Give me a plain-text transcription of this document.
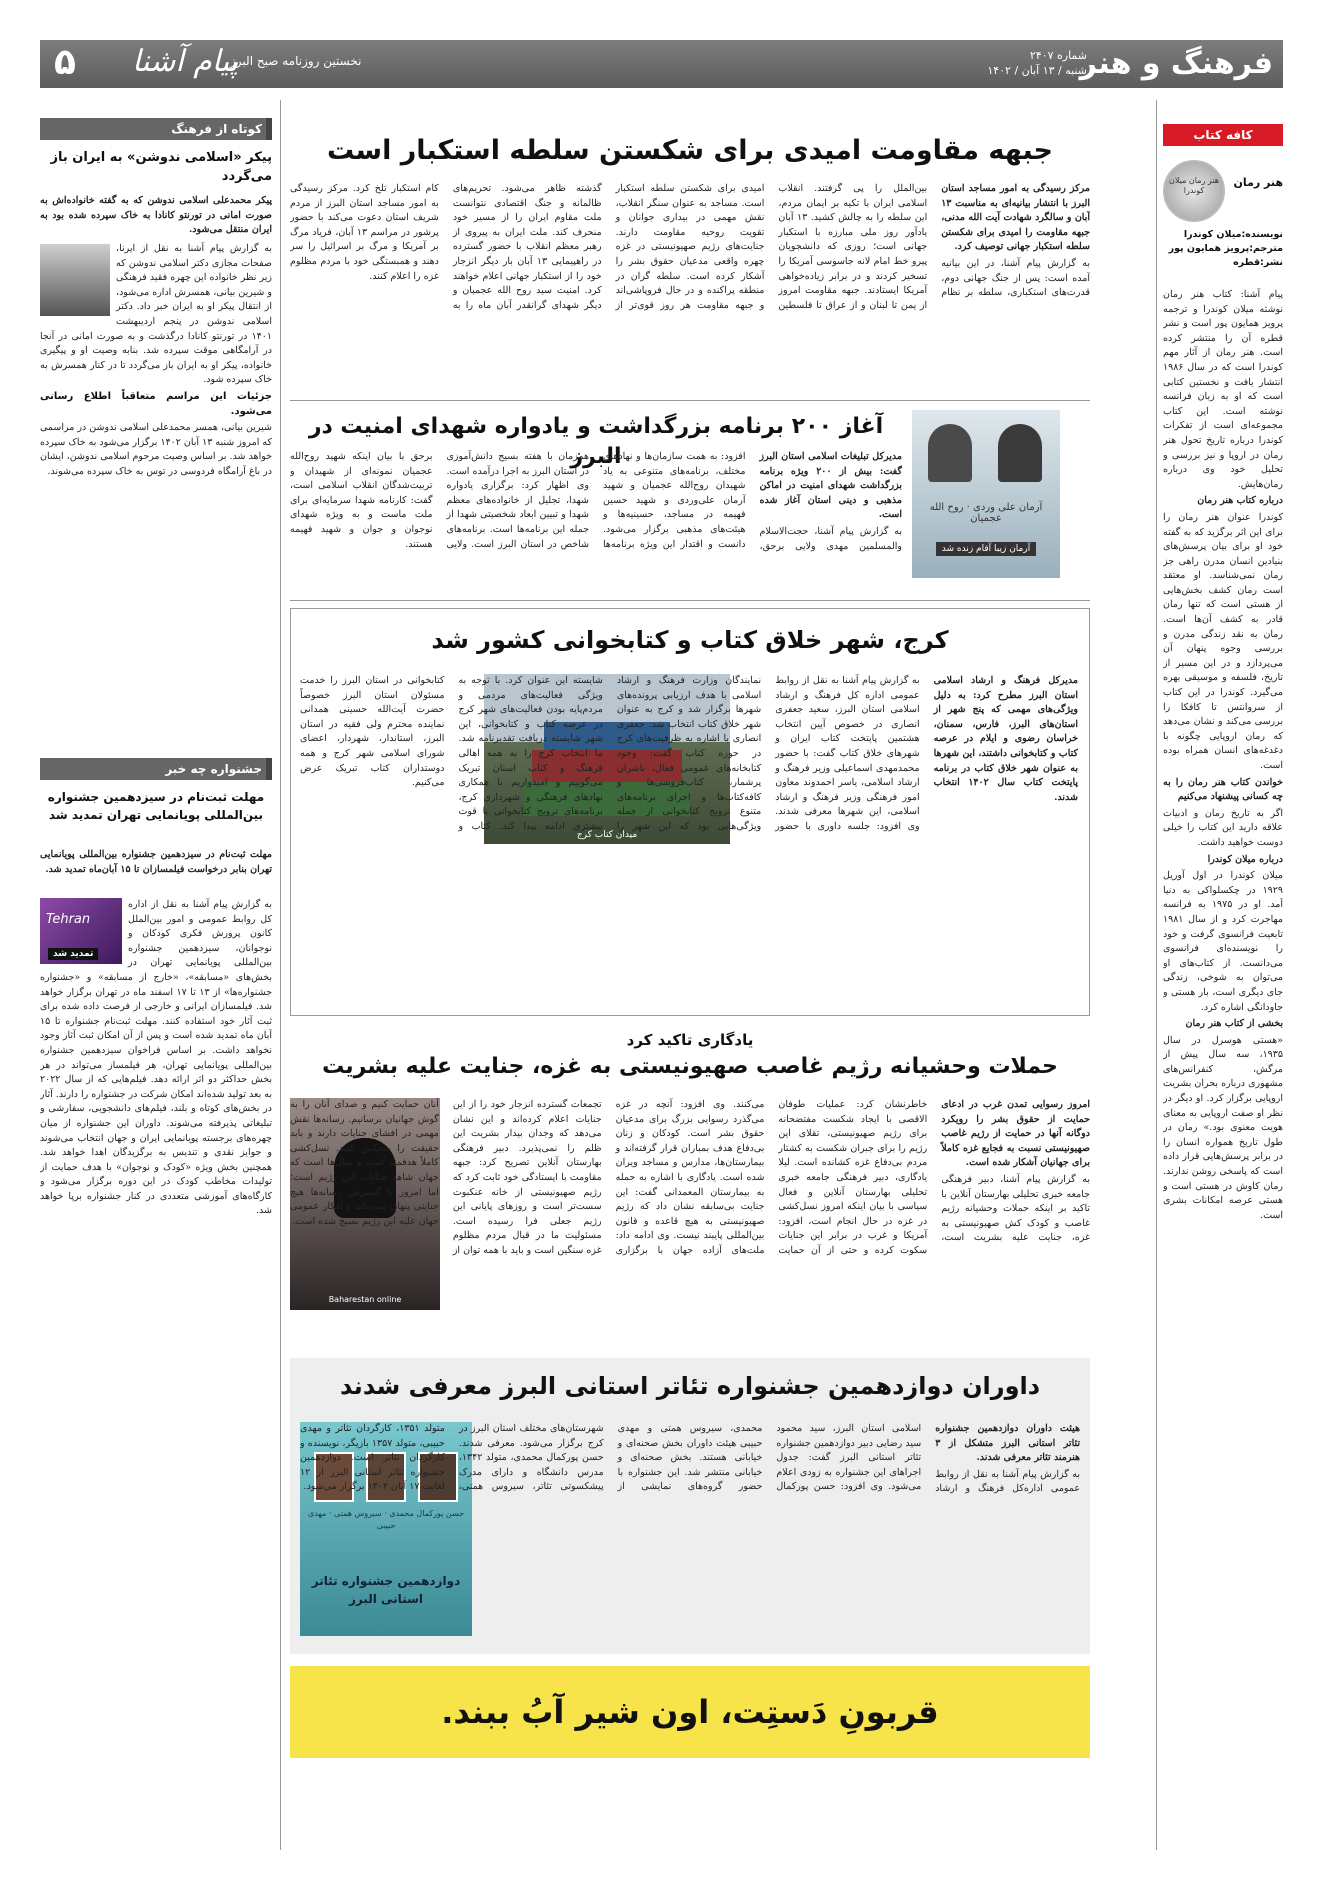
فرهنگ و هنر
شماره ۲۴۰۷
شنبه / ۱۳ آبان / ۱۴۰۲
نخستین روزنامه صبح البرز
پیام آشنا
۵
کافه کتاب
هنر رمان
هنر رمان میلان کوندرا
نویسنده:میلان کوندرا
مترجم:پرویز همایون پور
نشر:قطره

پیام آشنا: کتاب هنر رمان نوشته میلان کوندرا و ترجمه پرویز همایون پور است و نشر قطره آن را منتشر کرده است. هنر رمان از آثار مهم کوندرا است که در سال ۱۹۸۶ انتشار یافت و نخستین کتابی است که او به زبان فرانسه نوشته است. این کتاب مجموعه‌ای است از تفکرات کوندرا درباره تاریخ تحول هنر رمان در اروپا و نیز بررسی و تحلیل خود وی درباره رمان‌هایش.

درباره کتاب هنر رمان

کوندرا عنوان هنر رمان را برای این اثر برگزید که به گفته خود او برای بیان پرسش‌های بنیادین انسان مدرن راهی جز رمان نمی‌شناسد. او معتقد است رمان کشف بخش‌هایی از هستی است که تنها رمان قادر به کشف آن‌ها است. رمان به نقد زندگی مدرن و بررسی وجوه پنهان آن می‌پردازد و در این مسیر از تاریخ، فلسفه و موسیقی بهره می‌گیرد. کوندرا در این کتاب از سروانتس تا کافکا را بررسی می‌کند و نشان می‌دهد که رمان اروپایی چگونه با دغدغه‌های انسان همراه بوده است.

خواندن کتاب هنر رمان را به چه کسانی پیشنهاد می‌کنیم

اگر به تاریخ رمان و ادبیات علاقه دارید این کتاب را خیلی دوست خواهید داشت.

درباره میلان کوندرا

میلان کوندرا در اول آوریل ۱۹۲۹ در چکسلواکی به دنیا آمد. او در ۱۹۷۵ به فرانسه مهاجرت کرد و از سال ۱۹۸۱ تابعیت فرانسوی گرفت و خود را نویسنده‌ای فرانسوی می‌دانست. از کتاب‌های او می‌توان به شوخی، زندگی جای دیگری است، بار هستی و جاودانگی اشاره کرد.

بخشی از کتاب هنر رمان

«هستی هوسرل در سال ۱۹۳۵، سه سال پیش از مرگش، کنفرانس‌های مشهوری درباره بحران بشریت اروپایی برگزار کرد. او دیگر در نظر او صفت اروپایی به معنای هویت معنوی بود.» رمان در طول تاریخ همواره انسان را در برابر پرسش‌هایی قرار داده است که پاسخی روشن ندارند. رمان کاوش در هستی است و هستی عرصه امکانات بشری است.

کوتاه از فرهنگ
پیکر «اسلامی ندوشن» به ایران باز می‌گردد
پیکر محمدعلی اسلامی ندوشن که به گفته خانواده‌اش به صورت امانی در تورنتو کانادا به خاک سپرده شده بود به ایران منتقل می‌شود.

به گزارش پیام آشنا به نقل از ایرنا، صفحات مجازی دکتر اسلامی ندوشن که زیر نظر خانواده این چهره فقید فرهنگی و شیرین بیانی، همسرش اداره می‌شود، از انتقال پیکر او به ایران خبر داد. دکتر اسلامی ندوشن در پنجم اردیبهشت ۱۴۰۱ در تورنتو کانادا درگذشت و به صورت امانی در آنجا در آرامگاهی موقت سپرده شد. بنابه وصیت او و پیگیری خانواده، پیکر او به ایران باز می‌گردد تا در کنار همسرش به خاک سپرده شود.

جزئیات این مراسم متعاقباً اطلاع رسانی می‌شود.

شیرین بیانی، همسر محمدعلی اسلامی ندوشن در مراسمی که امروز شنبه ۱۳ آبان ۱۴۰۲ برگزار می‌شود به خاک سپرده خواهد شد. بر اساس وصیت مرحوم اسلامی ندوشن، ایشان در باغ آرامگاه فردوسی در توس به خاک سپرده می‌شوند.

جشنواره چه خبر
مهلت ثبت‌نام در سیزدهمین جشنواره بین‌المللی پویانمایی تهران تمدید شد
مهلت ثبت‌نام در سیزدهمین جشنواره بین‌المللی پویانمایی تهران بنابر درخواست فیلمسازان تا ۱۵ آبان‌ماه تمدید شد.
Tehran
تمدید شد

به گزارش پیام آشنا به نقل از اداره کل روابط عمومی و امور بین‌الملل کانون پرورش فکری کودکان و نوجوانان، سیزدهمین جشنواره بین‌المللی پویانمایی تهران در بخش‌های «مسابقه»، «خارج از مسابقه» و «جشنواره جشنواره‌ها» از ۱۳ تا ۱۷ اسفند ماه در تهران برگزار خواهد شد. فیلمسازان ایرانی و خارجی از فرصت داده شده برای ثبت آثار خود استفاده کنند. مهلت ثبت‌نام جشنواره تا ۱۵ آبان ماه تمدید شده است و پس از آن امکان ثبت آثار وجود نخواهد داشت. بر اساس فراخوان سیزدهمین جشنواره بین‌المللی پویانمایی تهران، هر فیلمساز می‌تواند در هر بخش حداکثر دو اثر ارائه دهد. فیلم‌هایی که از سال ۲۰۲۲ به بعد تولید شده‌اند امکان شرکت در جشنواره را دارند. آثار در بخش‌های کوتاه و بلند، فیلم‌های دانشجویی، سفارشی و تبلیغاتی پذیرفته می‌شوند. داوران این جشنواره از میان چهره‌های برجسته پویانمایی ایران و جهان انتخاب می‌شوند و جوایز نقدی و تندیس به برگزیدگان اهدا خواهد شد. همچنین بخش ویژه «کودک و نوجوان» با هدف حمایت از تولیدات مخاطب کودک در این دوره برگزار می‌شود و کارگاه‌های آموزشی متعددی در کنار جشنواره برپا خواهد شد.

جبهه مقاومت امیدی برای شکستن سلطه استکبار است

مرکز رسیدگی به امور مساجد استان البرز با انتشار بیانیه‌ای به مناسبت ۱۳ آبان و سالگرد شهادت آیت الله مدنی، جبهه مقاومت را امیدی برای شکستن سلطه استکبار جهانی توصیف کرد.

به گزارش پیام آشنا، در این بیانیه آمده است: پس از جنگ جهانی دوم، قدرت‌های استکباری، سلطه بر نظام بین‌الملل را پی گرفتند. انقلاب اسلامی ایران با تکیه بر ایمان مردم، این سلطه را به چالش کشید. ۱۳ آبان یادآور روز ملی مبارزه با استکبار جهانی است؛ روزی که دانشجویان پیرو خط امام لانه جاسوسی آمریکا را تسخیر کردند و در برابر زیاده‌خواهی آمریکا ایستادند. جبهه مقاومت امروز از یمن تا لبنان و از عراق تا فلسطین امیدی برای شکستن سلطه استکبار است. مساجد به عنوان سنگر انقلاب، نقش مهمی در بیداری جوانان و تقویت روحیه مقاومت دارند. جنایت‌های رژیم صهیونیستی در غزه چهره واقعی مدعیان حقوق بشر را آشکار کرده است. سلطه گران در منطقه پراکنده و در حال فروپاشی‌اند و جبهه مقاومت هر روز قوی‌تر از گذشته ظاهر می‌شود. تحریم‌های ظالمانه و جنگ اقتصادی نتوانست ملت مقاوم ایران را از مسیر خود منحرف کند. ملت ایران به پیروی از رهبر معظم انقلاب با حضور گسترده در راهپیمایی ۱۳ آبان بار دیگر انزجار خود را از استکبار جهانی اعلام خواهند کرد. امنیت سید روح الله عجمیان و دیگر شهدای گرانقدر آبان ماه را به کام استکبار تلخ کرد. مرکز رسیدگی به امور مساجد استان البرز از مردم شریف استان دعوت می‌کند با حضور پرشور در مراسم ۱۳ آبان، فریاد مرگ بر آمریکا و مرگ بر اسرائیل را سر دهند و همبستگی خود با مردم مظلوم غزه را اعلام کنند.

آرمان علی وردی · روح الله عجمیان
آرمان زیبا آقام زنده شد
آغاز ۲۰۰ برنامه بزرگداشت و یادواره شهدای امنیت در البرز	مدیرکل تبلیغات اسلامی استان البرز گفت: بیش از ۲۰۰ ویژه برنامه بزرگداشت شهدای امنیت در اماکن مذهبی و دینی استان آغاز شده است.

به گزارش پیام آشنا، حجت‌الاسلام والمسلمین مهدی ولایی برحق، ‌افزود: به همت سازمان‌ها و نهادهای مختلف، برنامه‌های متنوعی به یاد شهیدان روح‌الله عجمیان و شهید آرمان علی‌وردی و شهید حسین فهیمه در مساجد، حسینیه‌ها و هیئت‌های مذهبی برگزار می‌شود. دانست و اقتدار این ویژه برنامه‌ها همزمان با هفته بسیج دانش‌آموزی در استان البرز به اجرا درآمده است. وی اظهار کرد: برگزاری یادواره شهدا، تجلیل از خانواده‌های معظم شهدا و تبیین ابعاد شخصیتی شهدا از جمله این برنامه‌ها است. برنامه‌های شاخص در استان البرز است. ولایی برحق با بیان اینکه شهید روح‌الله عجمیان نمونه‌ای از شهیدان و تربیت‌شدگان انقلاب اسلامی است، گفت: کارنامه شهدا سرمایه‌ای برای ملت ماست و به ویژه شهدای نوجوان و جوان و شهید فهیمه هستند.

کرج، شهر خلاق کتاب و کتابخوانی کشور شد
میدان کتاب کرج

مدیرکل فرهنگ و ارشاد اسلامی استان البرز مطرح کرد: به دلیل ویژگی‌های مهمی که پنج شهر از استان‌های البرز، فارس، سمنان، خراسان رضوی و ایلام در عرصه کتاب و کتابخوانی داشتند، این شهرها به عنوان شهر خلاق کتاب در برنامه پایتخت کتاب سال ۱۴۰۲ انتخاب شدند.

به گزارش پیام آشنا به نقل از روابط عمومی اداره کل فرهنگ و ارشاد اسلامی استان البرز، سعید جعفری انصاری در خصوص آیین انتخاب هشتمین پایتخت کتاب ایران و شهرهای خلاق کتاب گفت: با حضور محمدمهدی اسماعیلی وزیر فرهنگ و ارشاد اسلامی، یاسر احمدوند معاون امور فرهنگی وزیر فرهنگ و ارشاد اسلامی، این شهرها معرفی شدند. وی افزود: جلسه داوری با حضور نمایندگان وزارت فرهنگ و ارشاد اسلامی با هدف ارزیابی پرونده‌های شهرها برگزار شد و کرج به عنوان شهر خلاق کتاب انتخاب شد. جعفری انصاری با اشاره به ظرفیت‌های کرج در حوزه کتاب گفت: وجود کتابخانه‌های عمومی فعال، ناشران پرشمار، کتاب‌فروشی‌ها و کافه‌کتاب‌ها و اجرای برنامه‌های متنوع ترویج کتابخوانی از جمله ویژگی‌هایی بود که این شهر را شایسته این عنوان کرد. با توجه به ویژگی فعالیت‌های مردمی و مردم‌پایه بودن فعالیت‌های شهر کرج در عرصه کتاب و کتابخوانی، این شهر شایسته دریافت تقدیرنامه شد. ما انتخاب کرج را به همه اهالی فرهنگ و کتاب استان تبریک می‌گوییم و امیدواریم با همکاری نهادهای فرهنگی و شهرداری کرج، برنامه‌های ترویج کتابخوانی با قوت بیشتری ادامه پیدا کند. کتاب و کتابخوانی در استان البرز را خدمت مسئولان استان البرز خصوصاً حضرت آیت‌الله حسینی همدانی نماینده محترم ولی فقیه در استان البرز، استاندار، شهردار، اعضای شورای اسلامی شهر کرج و همه دوستداران کتاب تبریک عرض می‌کنیم.

یادگاری تاکید کرد
حملات وحشیانه رژیم غاصب صهیونیستی به غزه، جنایت علیه بشریت
Baharestan online

امروز رسوایی تمدن غرب در ادعای حمایت از حقوق بشر را رویکرد دوگانه آنها در حمایت از رژیم غاصب صهیونیستی نسبت به فجایع غزه کاملاً برای جهانیان آشکار شده است.

به گزارش پیام آشنا، دبیر فرهنگی جامعه خبری تحلیلی بهارستان آنلاین با تاکید بر اینکه حملات وحشیانه رژیم غاصب و کودک کش صهیونیستی به غزه، جنایت علیه بشریت است، خاطرنشان کرد: عملیات طوفان الاقصی با ایجاد شکست مفتضحانه برای رژیم صهیونیستی، تقلای این رژیم را برای جبران شکست به کشتار مردم بی‌دفاع غزه کشانده است. لیلا یادگاری، دبیر فرهنگی جامعه خبری تحلیلی بهارستان آنلاین و فعال سیاسی با بیان اینکه امروز نسل‌کشی در غزه در حال انجام است، افزود: آمریکا و غرب در برابر این جنایات سکوت کرده و حتی از آن حمایت می‌کنند. وی افزود: آنچه در غزه می‌گذرد رسوایی بزرگ برای مدعیان حقوق بشر است. کودکان و زنان بی‌دفاع هدف بمباران قرار گرفته‌اند و بیمارستان‌ها، مدارس و مساجد ویران شده است. یادگاری با اشاره به حمله به بیمارستان المعمدانی گفت: این جنایت بی‌سابقه نشان داد که رژیم صهیونیستی به هیچ قاعده و قانون بین‌المللی پایبند نیست. وی ادامه داد: ملت‌های آزاده جهان با برگزاری تجمعات گسترده انزجار خود را از این جنایات اعلام کرده‌اند و این نشان می‌دهد که وجدان بیدار بشریت این ظلم را نمی‌پذیرد. دبیر فرهنگی بهارستان آنلاین تصریح کرد: جبهه مقاومت با ایستادگی خود ثابت کرد که رژیم صهیونیستی از خانه عنکبوت سست‌تر است و روزهای پایانی این رژیم جعلی فرا رسیده است. مسئولیت ما در قبال مردم مظلوم غزه سنگین است و باید با همه توان از آنان حمایت کنیم و صدای آنان را به گوش جهانیان برسانیم. رسانه‌ها نقش مهمی در افشای جنایات دارند و باید حقیقت را منعکس کنند. نسل‌کشی کاملاً هدفمند است و سال‌ها است که جهان شاهد جنایات این رژیم است؛ اما امروز با گسترش رسانه‌ها هیچ جنایتی پنهان نمی‌ماند و افکار عمومی جهان علیه این رژیم بسیج شده است.

داوران دوازدهمین جشنواره تئاتر استانی البرز معرفی شدند
حسن پورکمال محمدی · سیروس همتی · مهدی حبیبی
دوازدهمین جشنواره تئاتر استانی البرز

هیئت داوران دوازدهمین جشنواره تئاتر استانی البرز متشکل از ۳ هنرمند تئاتر معرفی شدند.

به گزارش پیام آشنا به نقل از روابط عمومی اداره‌کل فرهنگ و ارشاد اسلامی استان البرز، سید محمود سید رضایی دبیر دوازدهمین جشنواره تئاتر استانی البرز گفت: جدول اجراهای این جشنواره به زودی اعلام می‌شود. وی افزود: حسن پورکمال محمدی، سیروس همتی و مهدی حبیبی هیئت داوران بخش صحنه‌ای و خیابانی هستند. بخش صحنه‌ای و خیابانی منتشر شد. این جشنواره با حضور گروه‌های نمایشی از شهرستان‌های مختلف استان البرز در کرج برگزار می‌شود. معرفی شدند. حسن پورکمال محمدی، متولد ۱۳۴۲، مدرس دانشگاه و دارای مدرک پیشکسوتی تئاتر، سیروس همتی، متولد ۱۳۵۱، کارگردان تئاتر و مهدی حبیبی، متولد ۱۳۵۷ بازیگر، نویسنده و کارگردان تئاتر است. دوازدهمین جشنواره تئاتر استانی البرز از ۱۲ لغایت ۱۷ آبان ۱۴۰۲ برگزار می‌شود.

قربونِ دَستِت، اون شیر آبُ ببند.
